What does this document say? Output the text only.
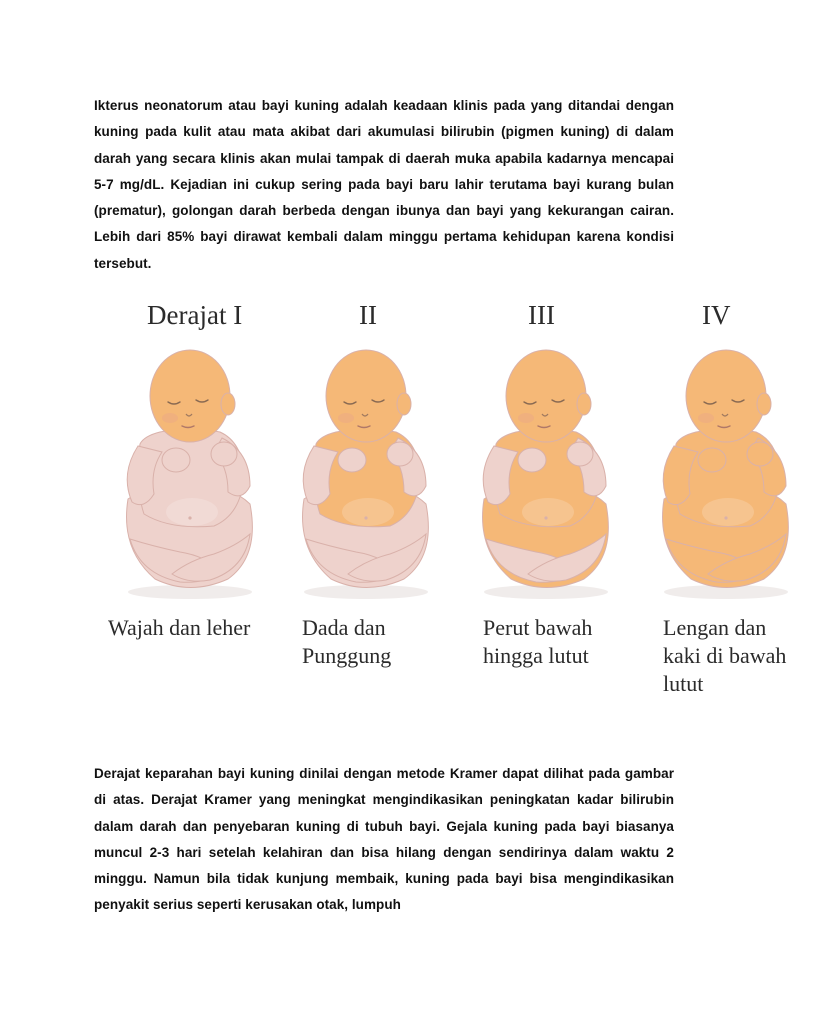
Ikterus neonatorum atau bayi kuning adalah keadaan klinis pada yang ditandai dengan kuning pada kulit atau mata akibat dari akumulasi bilirubin (pigmen kuning) di dalam darah yang secara klinis akan mulai tampak di daerah muka apabila kadarnya mencapai 5-7 mg/dL. Kejadian ini cukup sering pada bayi baru lahir terutama bayi kurang bulan (prematur), golongan darah berbeda dengan ibunya dan bayi yang kekurangan cairan. Lebih dari 85% bayi dirawat kembali dalam minggu pertama kehidupan karena kondisi tersebut.

Derajat I
Wajah dan leher
II
Dada dan
Punggung
III
Perut bawah
hingga lutut
IV
Lengan dan
kaki di bawah
lutut

Derajat keparahan bayi kuning dinilai dengan metode Kramer dapat dilihat pada gambar di atas. Derajat Kramer yang meningkat mengindikasikan peningkatan kadar bilirubin dalam darah dan penyebaran kuning di tubuh bayi. Gejala kuning pada bayi biasanya muncul 2-3 hari setelah kelahiran dan bisa hilang dengan sendirinya dalam waktu 2 minggu. Namun bila tidak kunjung membaik, kuning pada bayi bisa mengindikasikan penyakit serius seperti kerusakan otak, lumpuh
